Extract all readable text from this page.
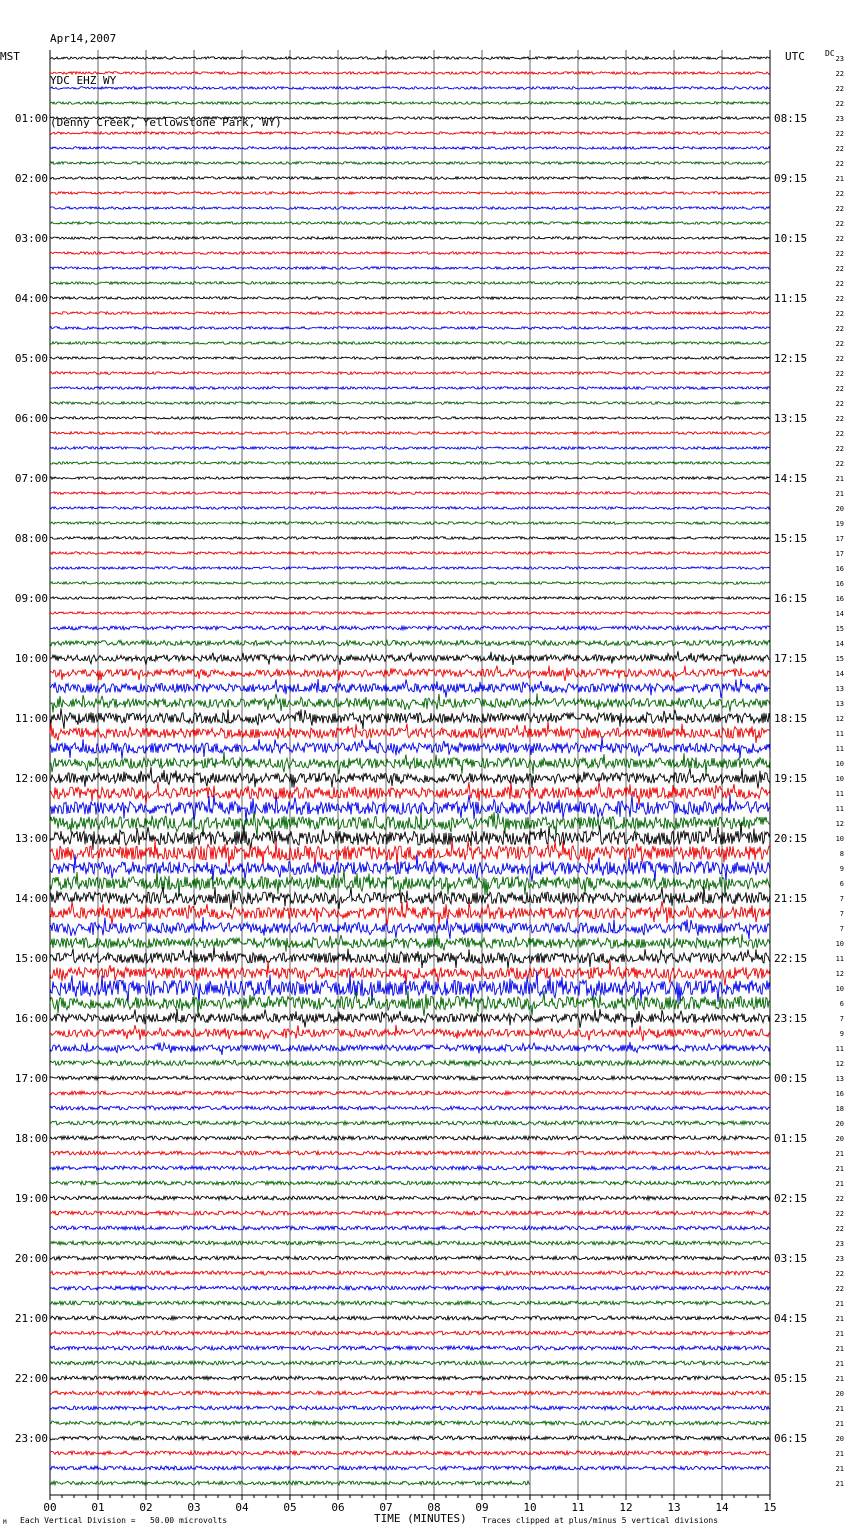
01:00
02:00
03:00
04:00
05:00
06:00
07:00
08:00
09:00
10:00
11:00
12:00
13:00
14:00
15:00
16:00
17:00
18:00
19:00
20:00
21:00
22:00
23:00
08:15
09:15
10:15
11:15
12:15
13:15
14:15
15:15
16:15
17:15
18:15
19:15
20:15
21:15
22:15
23:15
00:15
01:15
02:15
03:15
04:15
05:15
06:15
23
22
22
22
23
22
22
22
21
22
22
22
22
22
22
22
22
22
22
22
22
22
22
22
22
22
22
22
21
21
20
19
17
17
16
16
16
14
15
14
15
14
13
13
12
11
11
10
10
11
11
12
10
8
9
6
7
7
7
10
11
12
10
6
7
9
11
12
13
16
18
20
20
21
21
21
22
22
22
23
23
22
22
21
21
21
21
21
21
20
21
21
20
21
21
21
00	01	02	03	04	05	06	07	08	09	10	11	12	13	14	15

Apr14,2007

YDC EHZ WY

(Denny Creek, Yellowstone Park, WY)

MST	UTC	DC
TIME (MINUTES)
Each Vertical Division =   50.00 microvolts	Traces clipped at plus/minus 5 vertical divisions
M
